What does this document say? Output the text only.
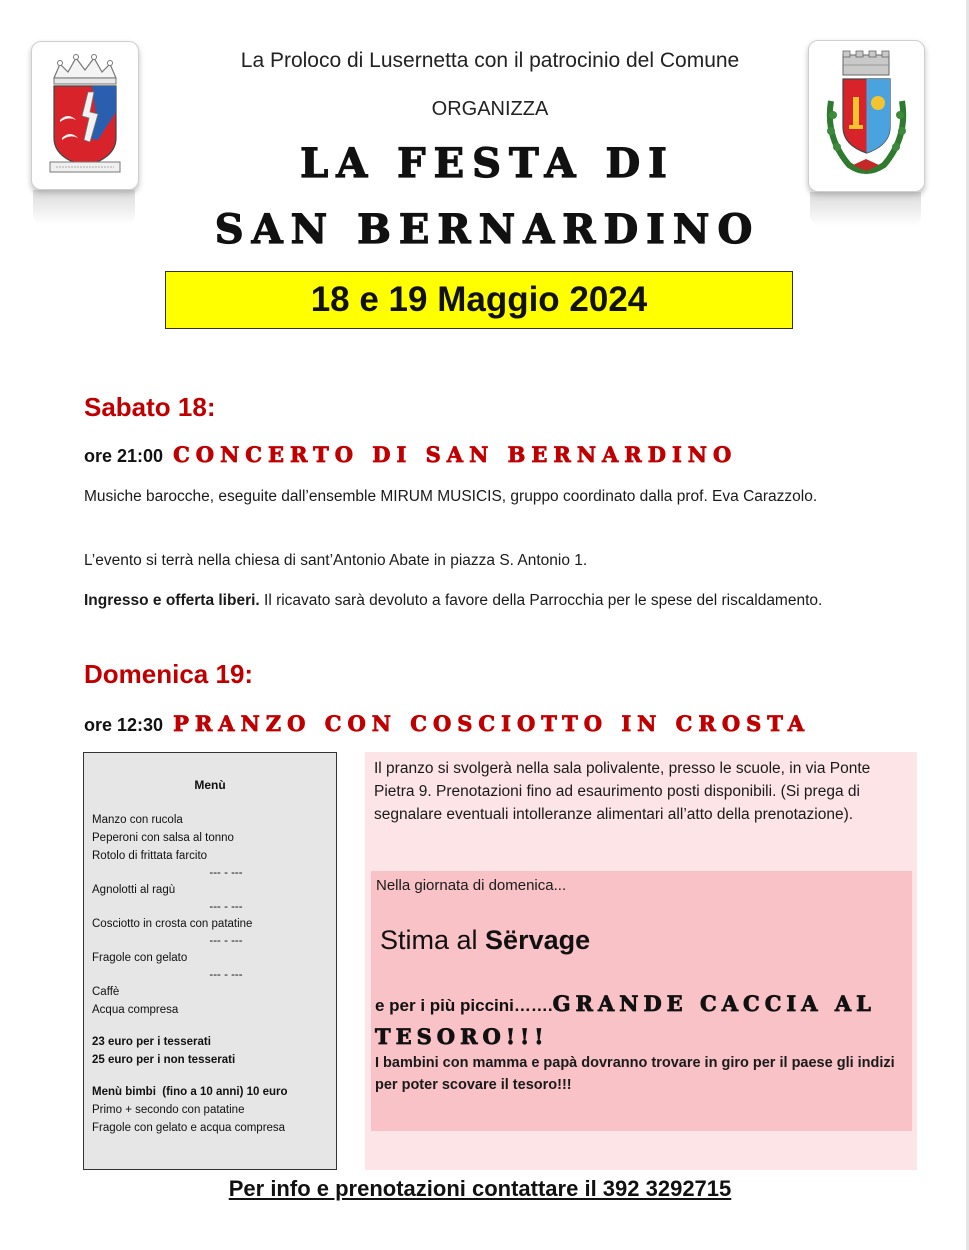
La Proloco di Lusernetta con il patrocinio del Comune
ORGANIZZA
LA FESTA DI
SAN BERNARDINO
18 e 19 Maggio 2024
Sabato 18:
ore 21:00 CONCERTO DI SAN BERNARDINO
Musiche barocche, eseguite dall’ensemble MIRUM MUSICIS, gruppo coordinato dalla prof. Eva Carazzolo.
L’evento si terrà nella chiesa di sant’Antonio Abate in piazza S. Antonio 1.
Ingresso e offerta liberi. Il ricavato sarà devoluto a favore della Parrocchia per le spese del riscaldamento.
Domenica 19:
ore 12:30 PRANZO CON COSCIOTTO IN CROSTA
Menù
Manzo con rucola
Peperoni con salsa al tonno
Rotolo di frittata farcito
--- - ---
Agnolotti al ragù
--- - ---
Cosciotto in crosta con patatine
--- - ---
Fragole con gelato
--- - ---
Caffè
Acqua compresa
23 euro per i tesserati
25 euro per i non tesserati
Menù bimbi  (fino a 10 anni) 10 euro
Primo + secondo con patatine
Fragole con gelato e acqua compresa
Il pranzo si svolgerà nella sala polivalente, presso le scuole, in via Ponte Pietra 9. Prenotazioni fino ad esaurimento posti disponibili. (Si prega di segnalare eventuali intolleranze alimentari all’atto della prenotazione).
Nella giornata di domenica...
Stima al Sërvage
e per i più piccini…….GRANDE CACCIA AL TESORO!!!
I bambini con mamma e papà dovranno trovare in giro per il paese gli indizi per poter scovare il tesoro!!!
Per info e prenotazioni contattare il 392 3292715
